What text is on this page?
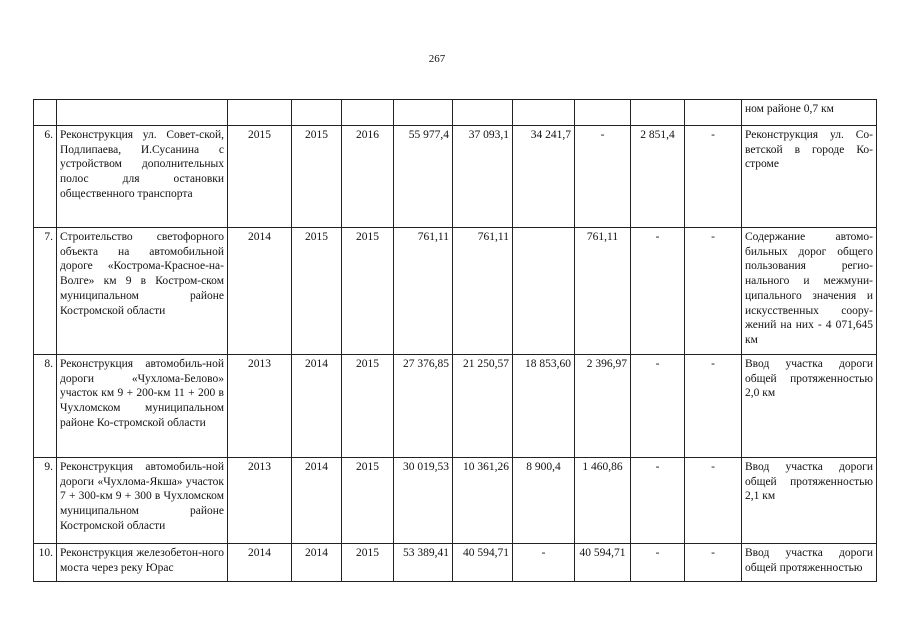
267
											ном районе 0,7 км
6.	Реконструкция ул. Совет-ской, Подлипаева, И.Сусанина с устройством дополнительных полос для остановки общественного транспорта	2015	2015	2016	55 977,4	37 093,1	34 241,7	-	2 851,4	-	Реконструкция ул. Со-ветской в городе Ко-строме
7.	Строительство светофорного объекта на автомобильной дороге «Кострома-Красное-на-Волге» км 9 в Костром-ском муниципальном районе Костромской области	2014	2015	2015	761,11	761,11		761,11	-	-	Содержание автомо-бильных дорог общего пользования регио-нального и межмуни-ципального значения и искусственных соору-жений на них - 4 071,645 км
8.	Реконструкция автомобиль-ной дороги «Чухлома-Белово» участок км 9 + 200-км 11 + 200 в Чухломском муниципальном районе Ко-стромской области	2013	2014	2015	27 376,85	21 250,57	18 853,60	2 396,97	-	-	Ввод участка дороги общей протяженностью 2,0 км
9.	Реконструкция автомобиль-ной дороги «Чухлома-Якша» участок 7 + 300-км 9 + 300 в Чухломском муниципальном районе Костромской области	2013	2014	2015	30 019,53	10 361,26	8 900,4	1 460,86	-	-	Ввод участка дороги общей протяженностью 2,1 км
10.	Реконструкция железобетон-ного моста через реку Юрас	2014	2014	2015	53 389,41	40 594,71	-	40 594,71	-	-	Ввод участка дороги общей протяженностью
